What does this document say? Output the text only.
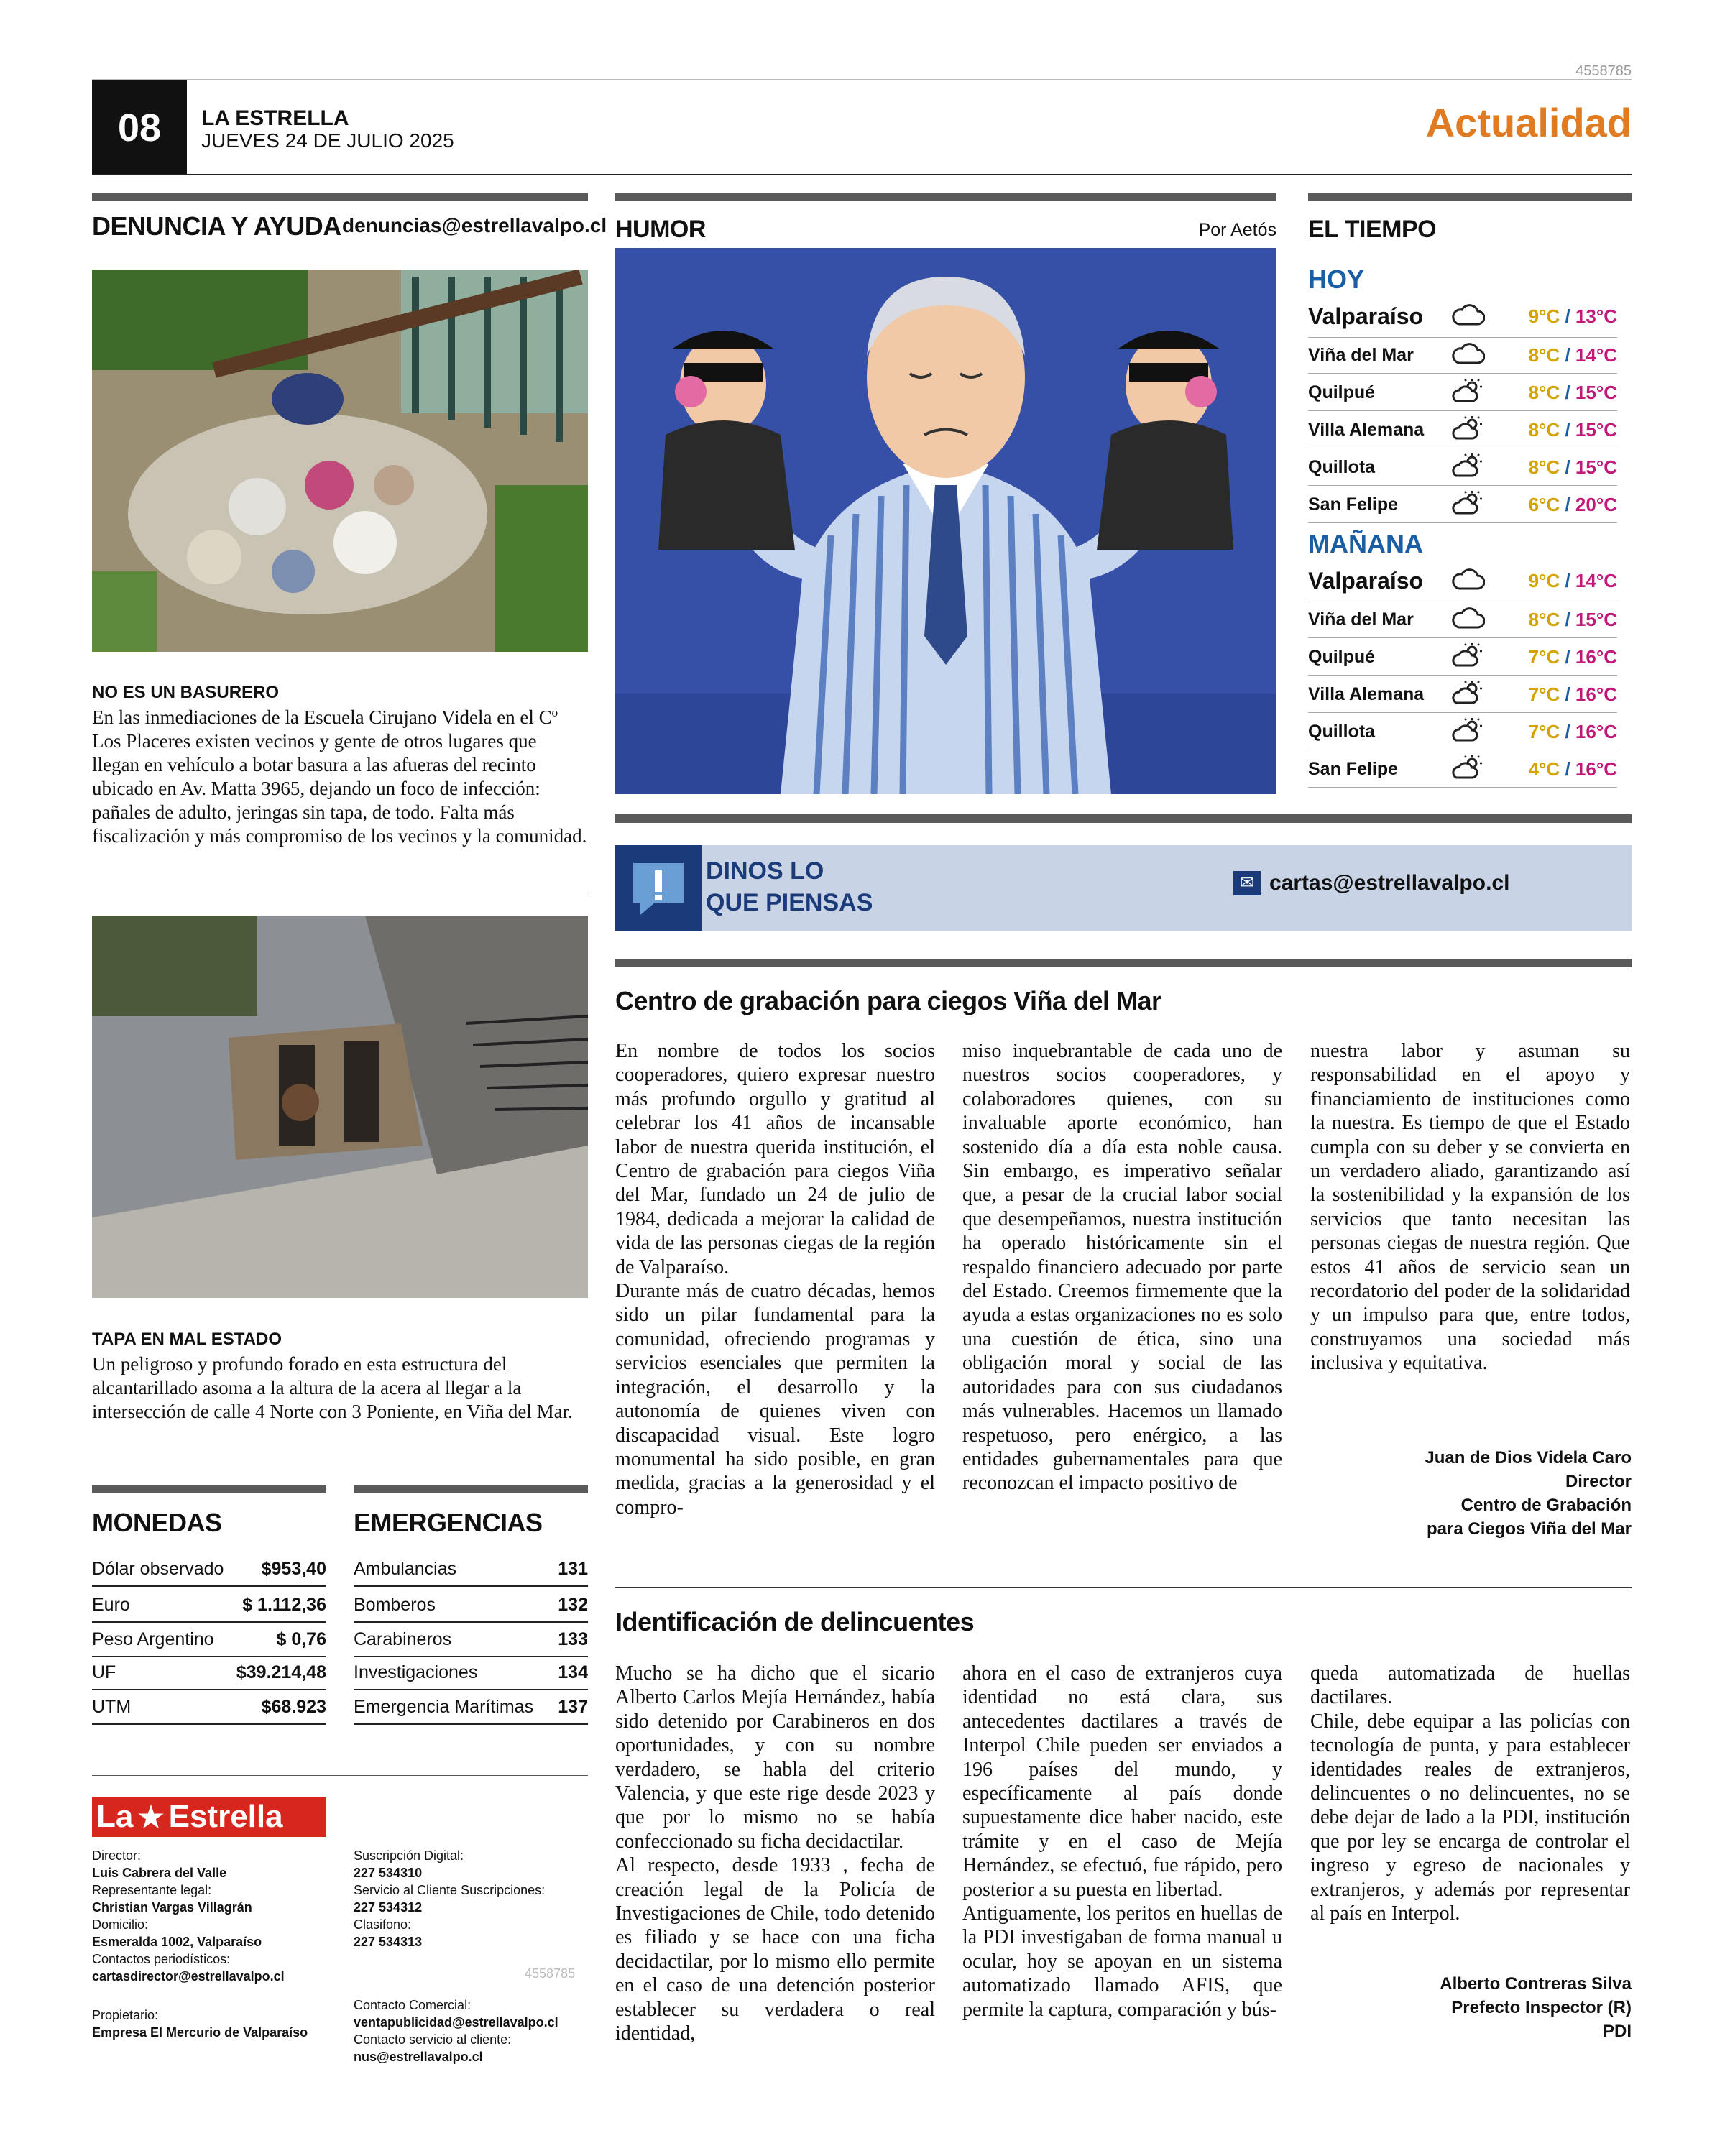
4558785
08	LA ESTRELLA
JUEVES 24 DE JULIO 2025	Actualidad
DENUNCIA Y AYUDA denuncias@estrellavalpo.cl
NO ES UN BASURERO
En las inmediaciones de la Escuela Cirujano Videla en el Cº Los Placeres existen vecinos y gente de otros lugares que llegan en vehículo a botar basura a las afueras del recinto ubicado en Av. Matta 3965, dejando un foco de infección: pañales de adulto, jeringas sin tapa, de todo. Falta más fiscalización y más compromiso de los vecinos y la comunidad.
TAPA EN MAL ESTADO
Un peligroso y profundo forado en esta estructura del alcantarillado asoma a la altura de la acera al llegar a la intersección de calle 4 Norte con 3 Poniente, en Viña del Mar.
MONEDAS
Dólar observado $953,40
Euro	$ 1.112,36
Peso Argentino	$ 0,76
UF	$39.214,48
UTM	$68.923
EMERGENCIAS
Ambulancias	131
Bomberos	132
Carabineros	133
Investigaciones	134
Emergencia Marítimas 137
La ★ Estrella
Director:
Luis Cabrera del Valle
Representante legal:
Christian Vargas Villagrán
Domicilio:
Esmeralda 1002, Valparaíso
Contactos periodísticos:
cartasdirector@estrellavalpo.cl
Propietario:
Empresa El Mercurio de Valparaíso
Suscripción Digital:
227 534310
Servicio al Cliente Suscripciones:
227 534312
Clasifono:
227 534313
Contacto Comercial:
ventapublicidad@estrellavalpo.cl
Contacto servicio al cliente:
nus@estrellavalpo.cl
4558785
HUMOR	Por Aetós EL TIEMPO
HOY
Valparaíso	9°C / 13°C
Viña del Mar	8°C / 14°C
Quilpué	8°C / 15°C
Villa Alemana	8°C / 15°C
Quillota	8°C / 15°C
San Felipe	6°C / 20°C
MAÑANA
Valparaíso	9°C / 14°C
Viña del Mar	8°C / 15°C
Quilpué	7°C / 16°C
Villa Alemana	7°C / 16°C
Quillota	7°C / 16°C
San Felipe	4°C / 16°C
DINOS LO
QUE PIENSAS
✉ cartas@estrellavalpo.cl
Centro de grabación para ciegos Viña del Mar
En nombre de todos los socios cooperadores, quiero expresar nuestro más profundo orgullo y gratitud al celebrar los 41 años de incansable labor de nuestra querida institución, el Centro de grabación para ciegos Viña del Mar, fundado un 24 de julio de 1984, dedicada a mejorar la calidad de vida de las personas ciegas de la región de Valparaíso.
Durante más de cuatro décadas, hemos sido un pilar fundamental para la comunidad, ofreciendo programas y servicios esenciales que permiten la integración, el desarrollo y la autonomía de quienes viven con discapacidad visual. Este logro monumental ha sido posible, en gran medida, gracias a la generosidad y el compro-
miso inquebrantable de cada uno de nuestros socios cooperadores, y colaboradores quienes, con su invaluable aporte económico, han sostenido día a día esta noble causa. Sin embargo, es imperativo señalar que, a pesar de la crucial labor social que desempeñamos, nuestra institución ha operado históricamente sin el respaldo financiero adecuado por parte del Estado. Creemos firmemente que la ayuda a estas organizaciones no es solo una cuestión de ética, sino una obligación moral y social de las autoridades para con sus ciudadanos más vulnerables. Hacemos un llamado respetuoso, pero enérgico, a las entidades gubernamentales para que reconozcan el impacto positivo de
nuestra labor y asuman su responsabilidad en el apoyo y financiamiento de instituciones como la nuestra. Es tiempo de que el Estado cumpla con su deber y se convierta en un verdadero aliado, garantizando así la sostenibilidad y la expansión de los servicios que tanto necesitan las personas ciegas de nuestra región. Que estos 41 años de servicio sean un recordatorio del poder de la solidaridad y un impulso para que, entre todos, construyamos una sociedad más inclusiva y equitativa.
Juan de Dios Videla Caro
Director
Centro de Grabación
para Ciegos Viña del Mar
Identificación de delincuentes
Mucho se ha dicho que el sicario Alberto Carlos Mejía Hernández, había sido detenido por Carabineros en dos oportunidades, y con su nombre verdadero, se habla del criterio Valencia, y que este rige desde 2023 y que por lo mismo no se había confeccionado su ficha decidactilar.
Al respecto, desde 1933 , fecha de creación legal de la Policía de Investigaciones de Chile, todo detenido es filiado y se hace con una ficha decidactilar, por lo mismo ello permite en el caso de una detención posterior establecer su verdadera o real identidad,
ahora en el caso de extranjeros cuya identidad no está clara, sus antecedentes dactilares a través de Interpol Chile pueden ser enviados a 196 países del mundo, y específicamente al país donde supuestamente dice haber nacido, este trámite y en el caso de Mejía Hernández, se efectuó, fue rápido, pero posterior a su puesta en libertad.
Antiguamente, los peritos en huellas de la PDI investigaban de forma manual u ocular, hoy se apoyan en un sistema automatizado llamado AFIS, que permite la captura, comparación y bús-
queda automatizada de huellas dactilares.
Chile, debe equipar a las policías con tecnología de punta, y para establecer identidades reales de extranjeros, delincuentes o no delincuentes, no se debe dejar de lado a la PDI, institución que por ley se encarga de controlar el ingreso y egreso de nacionales y extranjeros, y además por representar al país en Interpol.
Alberto Contreras Silva
Prefecto Inspector (R)
PDI
